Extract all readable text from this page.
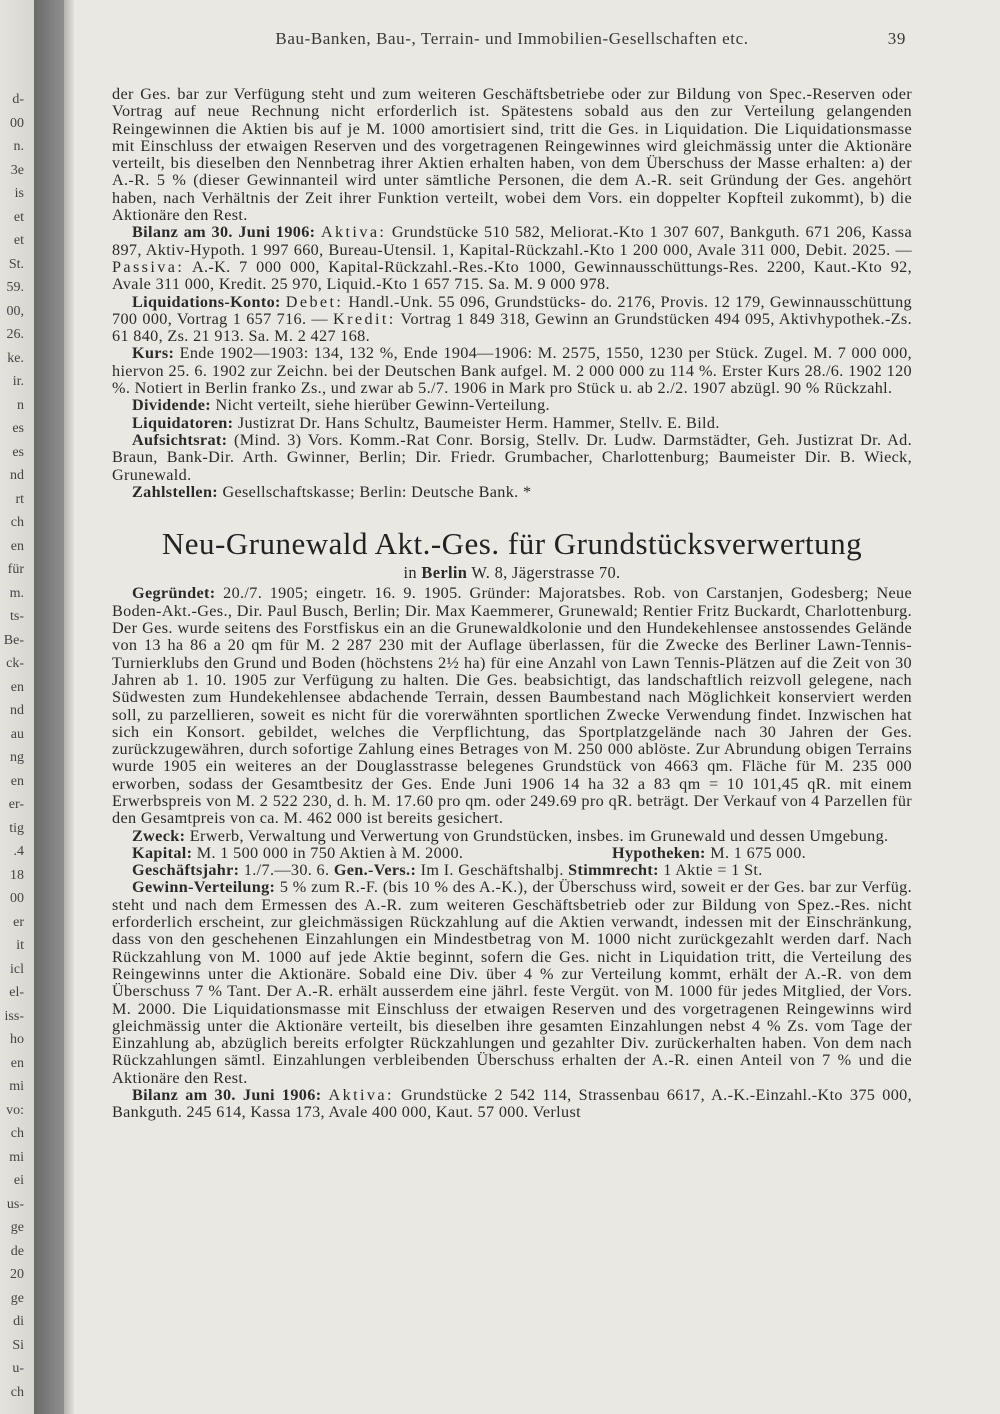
d-
00
n.
3e
is
et
et
St.
59.
00,
26.
ke.
ir.
n
es
es
nd
rt
ch
en
für
m.
ts-
Be-
ck-
en
nd
au
ng
en
er-
tig
.4
18
00
er
it
icl
el-
iss-
ho
en
mi
vo:
ch
mi
ei
us-
ge
de
20
ge
di
Si
u-
ch
Bau-Banken, Bau-, Terrain- und Immobilien-Gesellschaften etc.	39

der Ges. bar zur Verfügung steht und zum weiteren Geschäftsbetriebe oder zur Bildung von Spec.-Reserven oder Vortrag auf neue Rechnung nicht erforderlich ist. Spätestens sobald aus den zur Verteilung gelangenden Reingewinnen die Aktien bis auf je M. 1000 amortisiert sind, tritt die Ges. in Liquidation. Die Liquidationsmasse mit Einschluss der etwaigen Reserven und des vorgetragenen Reingewinnes wird gleichmässig unter die Aktionäre verteilt, bis dieselben den Nennbetrag ihrer Aktien erhalten haben, von dem Überschuss der Masse erhalten: a) der A.-R. 5 % (dieser Gewinnanteil wird unter sämtliche Personen, die dem A.-R. seit Gründung der Ges. angehört haben, nach Verhältnis der Zeit ihrer Funktion verteilt, wobei dem Vors. ein doppelter Kopfteil zukommt), b) die Aktionäre den Rest.

Bilanz am 30. Juni 1906: Aktiva: Grundstücke 510 582, Meliorat.-Kto 1 307 607, Bankguth. 671 206, Kassa 897, Aktiv-Hypoth. 1 997 660, Bureau-Utensil. 1, Kapital-Rückzahl.-Kto 1 200 000, Avale 311 000, Debit. 2025. — Passiva: A.-K. 7 000 000, Kapital-Rückzahl.-Res.-Kto 1000, Gewinnausschüttungs-Res. 2200, Kaut.-Kto 92, Avale 311 000, Kredit. 25 970, Liquid.-Kto 1 657 715. Sa. M. 9 000 978.

Liquidations-Konto: Debet: Handl.-Unk. 55 096, Grundstücks- do. 2176, Provis. 12 179, Gewinnausschüttung 700 000, Vortrag 1 657 716. — Kredit: Vortrag 1 849 318, Gewinn an Grundstücken 494 095, Aktivhypothek.-Zs. 61 840, Zs. 21 913. Sa. M. 2 427 168.

Kurs: Ende 1902—1903: 134, 132 %, Ende 1904—1906: M. 2575, 1550, 1230 per Stück. Zugel. M. 7 000 000, hiervon 25. 6. 1902 zur Zeichn. bei der Deutschen Bank aufgel. M. 2 000 000 zu 114 %. Erster Kurs 28./6. 1902 120 %. Notiert in Berlin franko Zs., und zwar ab 5./7. 1906 in Mark pro Stück u. ab 2./2. 1907 abzügl. 90 % Rückzahl.

Dividende: Nicht verteilt, siehe hierüber Gewinn-Verteilung.

Liquidatoren: Justizrat Dr. Hans Schultz, Baumeister Herm. Hammer, Stellv. E. Bild.

Aufsichtsrat: (Mind. 3) Vors. Komm.-Rat Conr. Borsig, Stellv. Dr. Ludw. Darmstädter, Geh. Justizrat Dr. Ad. Braun, Bank-Dir. Arth. Gwinner, Berlin; Dir. Friedr. Grumbacher, Charlottenburg; Baumeister Dir. B. Wieck, Grunewald.

Zahlstellen: Gesellschaftskasse; Berlin: Deutsche Bank. *

Neu-Grunewald Akt.-Ges. für Grundstücksverwertung
in Berlin W. 8, Jägerstrasse 70.

Gegründet: 20./7. 1905; eingetr. 16. 9. 1905. Gründer: Majoratsbes. Rob. von Carstanjen, Godesberg; Neue Boden-Akt.-Ges., Dir. Paul Busch, Berlin; Dir. Max Kaemmerer, Grunewald; Rentier Fritz Buckardt, Charlottenburg. Der Ges. wurde seitens des Forstfiskus ein an die Grunewaldkolonie und den Hundekehlensee anstossendes Gelände von 13 ha 86 a 20 qm für M. 2 287 230 mit der Auflage überlassen, für die Zwecke des Berliner Lawn-Tennis-Turnierklubs den Grund und Boden (höchstens 2½ ha) für eine Anzahl von Lawn Tennis-Plätzen auf die Zeit von 30 Jahren ab 1. 10. 1905 zur Verfügung zu halten. Die Ges. beabsichtigt, das landschaftlich reizvoll gelegene, nach Südwesten zum Hundekehlensee abdachende Terrain, dessen Baumbestand nach Möglichkeit konserviert werden soll, zu parzellieren, soweit es nicht für die vorerwähnten sportlichen Zwecke Verwendung findet. Inzwischen hat sich ein Konsort. gebildet, welches die Verpflichtung, das Sportplatzgelände nach 30 Jahren der Ges. zurückzugewähren, durch sofortige Zahlung eines Betrages von M. 250 000 ablöste. Zur Abrundung obigen Terrains wurde 1905 ein weiteres an der Douglasstrasse belegenes Grundstück von 4663 qm. Fläche für M. 235 000 erworben, sodass der Gesamtbesitz der Ges. Ende Juni 1906 14 ha 32 a 83 qm = 10 101,45 qR. mit einem Erwerbspreis von M. 2 522 230, d. h. M. 17.60 pro qm. oder 249.69 pro qR. beträgt. Der Verkauf von 4 Parzellen für den Gesamtpreis von ca. M. 462 000 ist bereits gesichert.

Zweck: Erwerb, Verwaltung und Verwertung von Grundstücken, insbes. im Grunewald und dessen Umgebung.

Kapital: M. 1 500 000 in 750 Aktien à M. 2000.	Hypotheken: M. 1 675 000.

Geschäftsjahr: 1./7.—30. 6. Gen.-Vers.: Im I. Geschäftshalbj. Stimmrecht: 1 Aktie = 1 St.

Gewinn-Verteilung: 5 % zum R.-F. (bis 10 % des A.-K.), der Überschuss wird, soweit er der Ges. bar zur Verfüg. steht und nach dem Ermessen des A.-R. zum weiteren Geschäftsbetrieb oder zur Bildung von Spez.-Res. nicht erforderlich erscheint, zur gleichmässigen Rückzahlung auf die Aktien verwandt, indessen mit der Einschränkung, dass von den geschehenen Einzahlungen ein Mindestbetrag von M. 1000 nicht zurückgezahlt werden darf. Nach Rückzahlung von M. 1000 auf jede Aktie beginnt, sofern die Ges. nicht in Liquidation tritt, die Verteilung des Reingewinns unter die Aktionäre. Sobald eine Div. über 4 % zur Verteilung kommt, erhält der A.-R. von dem Überschuss 7 % Tant. Der A.-R. erhält ausserdem eine jährl. feste Vergüt. von M. 1000 für jedes Mitglied, der Vors. M. 2000. Die Liquidationsmasse mit Einschluss der etwaigen Reserven und des vorgetragenen Reingewinns wird gleichmässig unter die Aktionäre verteilt, bis dieselben ihre gesamten Einzahlungen nebst 4 % Zs. vom Tage der Einzahlung ab, abzüglich bereits erfolgter Rückzahlungen und gezahlter Div. zurückerhalten haben. Von dem nach Rückzahlungen sämtl. Einzahlungen verbleibenden Überschuss erhalten der A.-R. einen Anteil von 7 % und die Aktionäre den Rest.

Bilanz am 30. Juni 1906: Aktiva: Grundstücke 2 542 114, Strassenbau 6617, A.-K.-Einzahl.-Kto 375 000, Bankguth. 245 614, Kassa 173, Avale 400 000, Kaut. 57 000. Verlust
